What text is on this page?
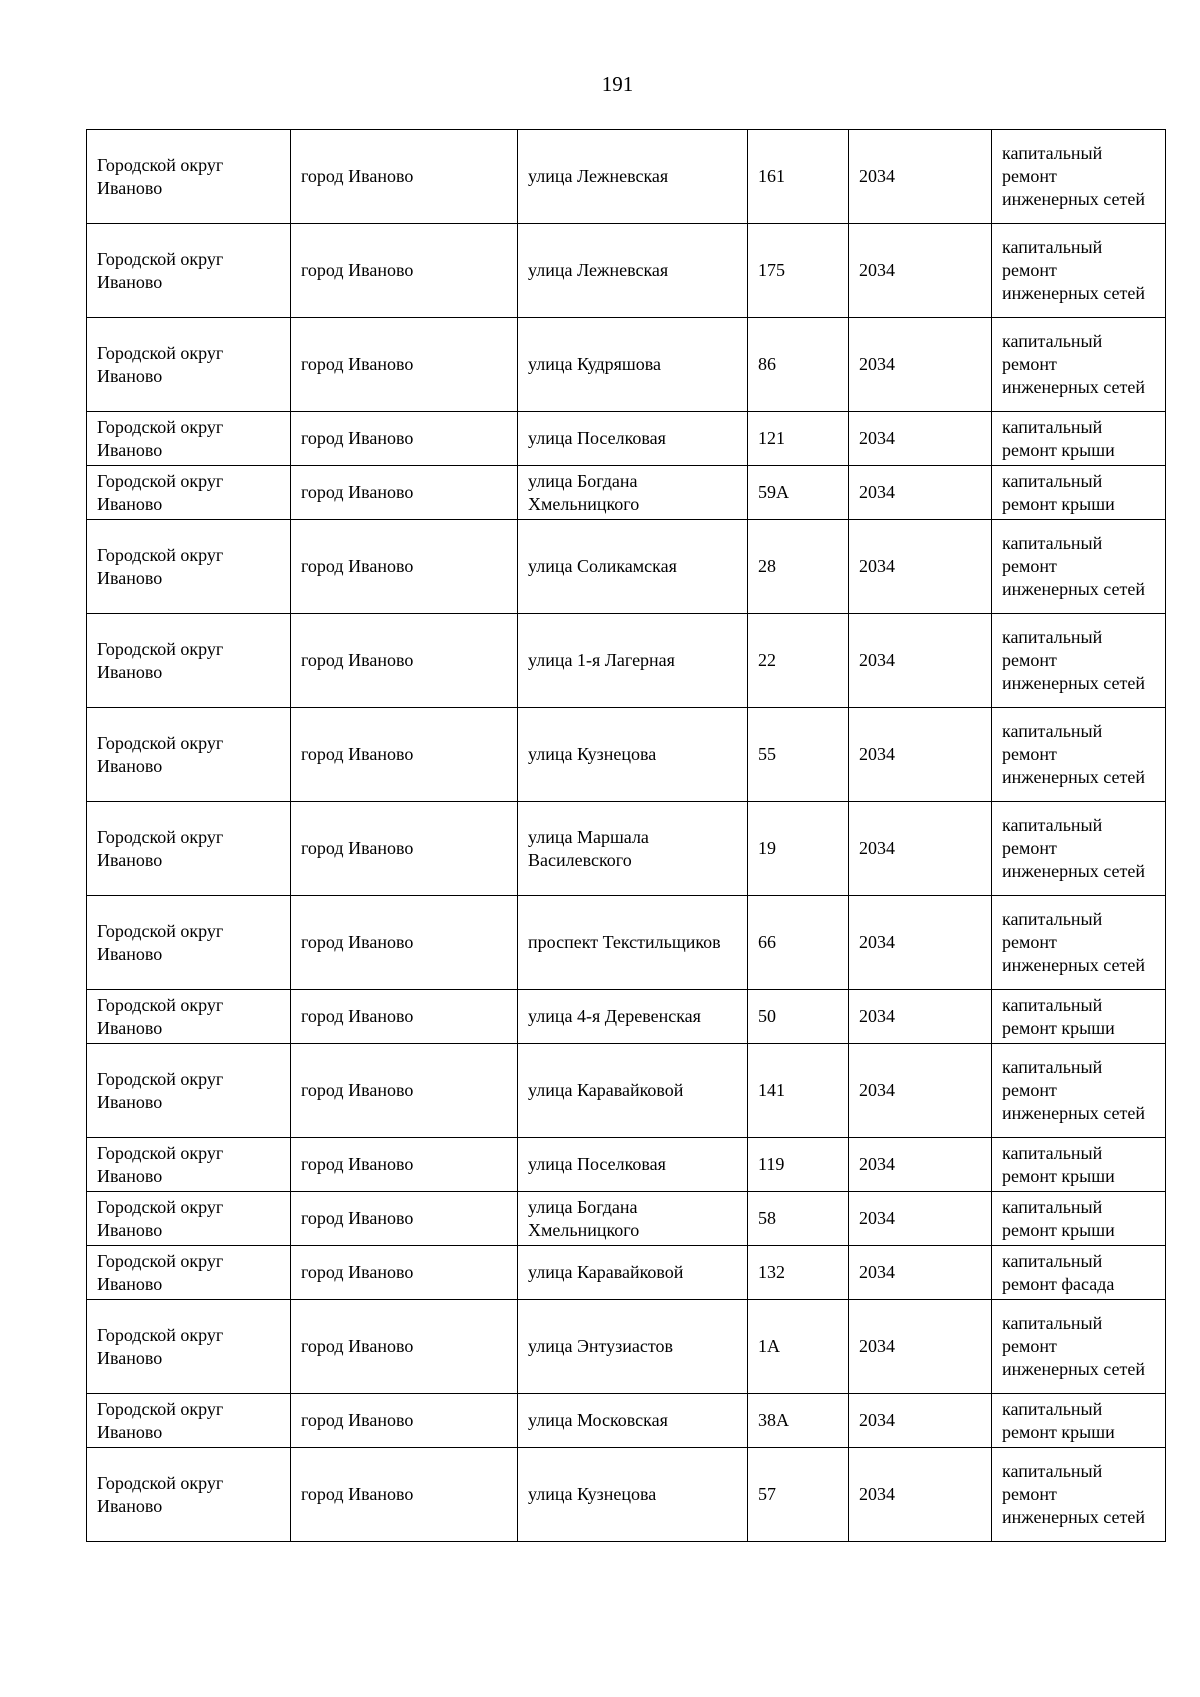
191
Городской округ Иваново	город Иваново	улица Лежневская	161	2034	капитальный ремонт инженерных сетей
Городской округ Иваново	город Иваново	улица Лежневская	175	2034	капитальный ремонт инженерных сетей
Городской округ Иваново	город Иваново	улица Кудряшова	86	2034	капитальный ремонт инженерных сетей
Городской округ Иваново	город Иваново	улица Поселковая	121	2034	капитальный ремонт крыши
Городской округ Иваново	город Иваново	улица Богдана Хмельницкого	59А	2034	капитальный ремонт крыши
Городской округ Иваново	город Иваново	улица Соликамская	28	2034	капитальный ремонт инженерных сетей
Городской округ Иваново	город Иваново	улица 1-я Лагерная	22	2034	капитальный ремонт инженерных сетей
Городской округ Иваново	город Иваново	улица Кузнецова	55	2034	капитальный ремонт инженерных сетей
Городской округ Иваново	город Иваново	улица Маршала Василевского	19	2034	капитальный ремонт инженерных сетей
Городской округ Иваново	город Иваново	проспект Текстильщиков	66	2034	капитальный ремонт инженерных сетей
Городской округ Иваново	город Иваново	улица 4-я Деревенская	50	2034	капитальный ремонт крыши
Городской округ Иваново	город Иваново	улица Каравайковой	141	2034	капитальный ремонт инженерных сетей
Городской округ Иваново	город Иваново	улица Поселковая	119	2034	капитальный ремонт крыши
Городской округ Иваново	город Иваново	улица Богдана Хмельницкого	58	2034	капитальный ремонт крыши
Городской округ Иваново	город Иваново	улица Каравайковой	132	2034	капитальный ремонт фасада
Городской округ Иваново	город Иваново	улица Энтузиастов	1А	2034	капитальный ремонт инженерных сетей
Городской округ Иваново	город Иваново	улица Московская	38А	2034	капитальный ремонт крыши
Городской округ Иваново	город Иваново	улица Кузнецова	57	2034	капитальный ремонт инженерных сетей
